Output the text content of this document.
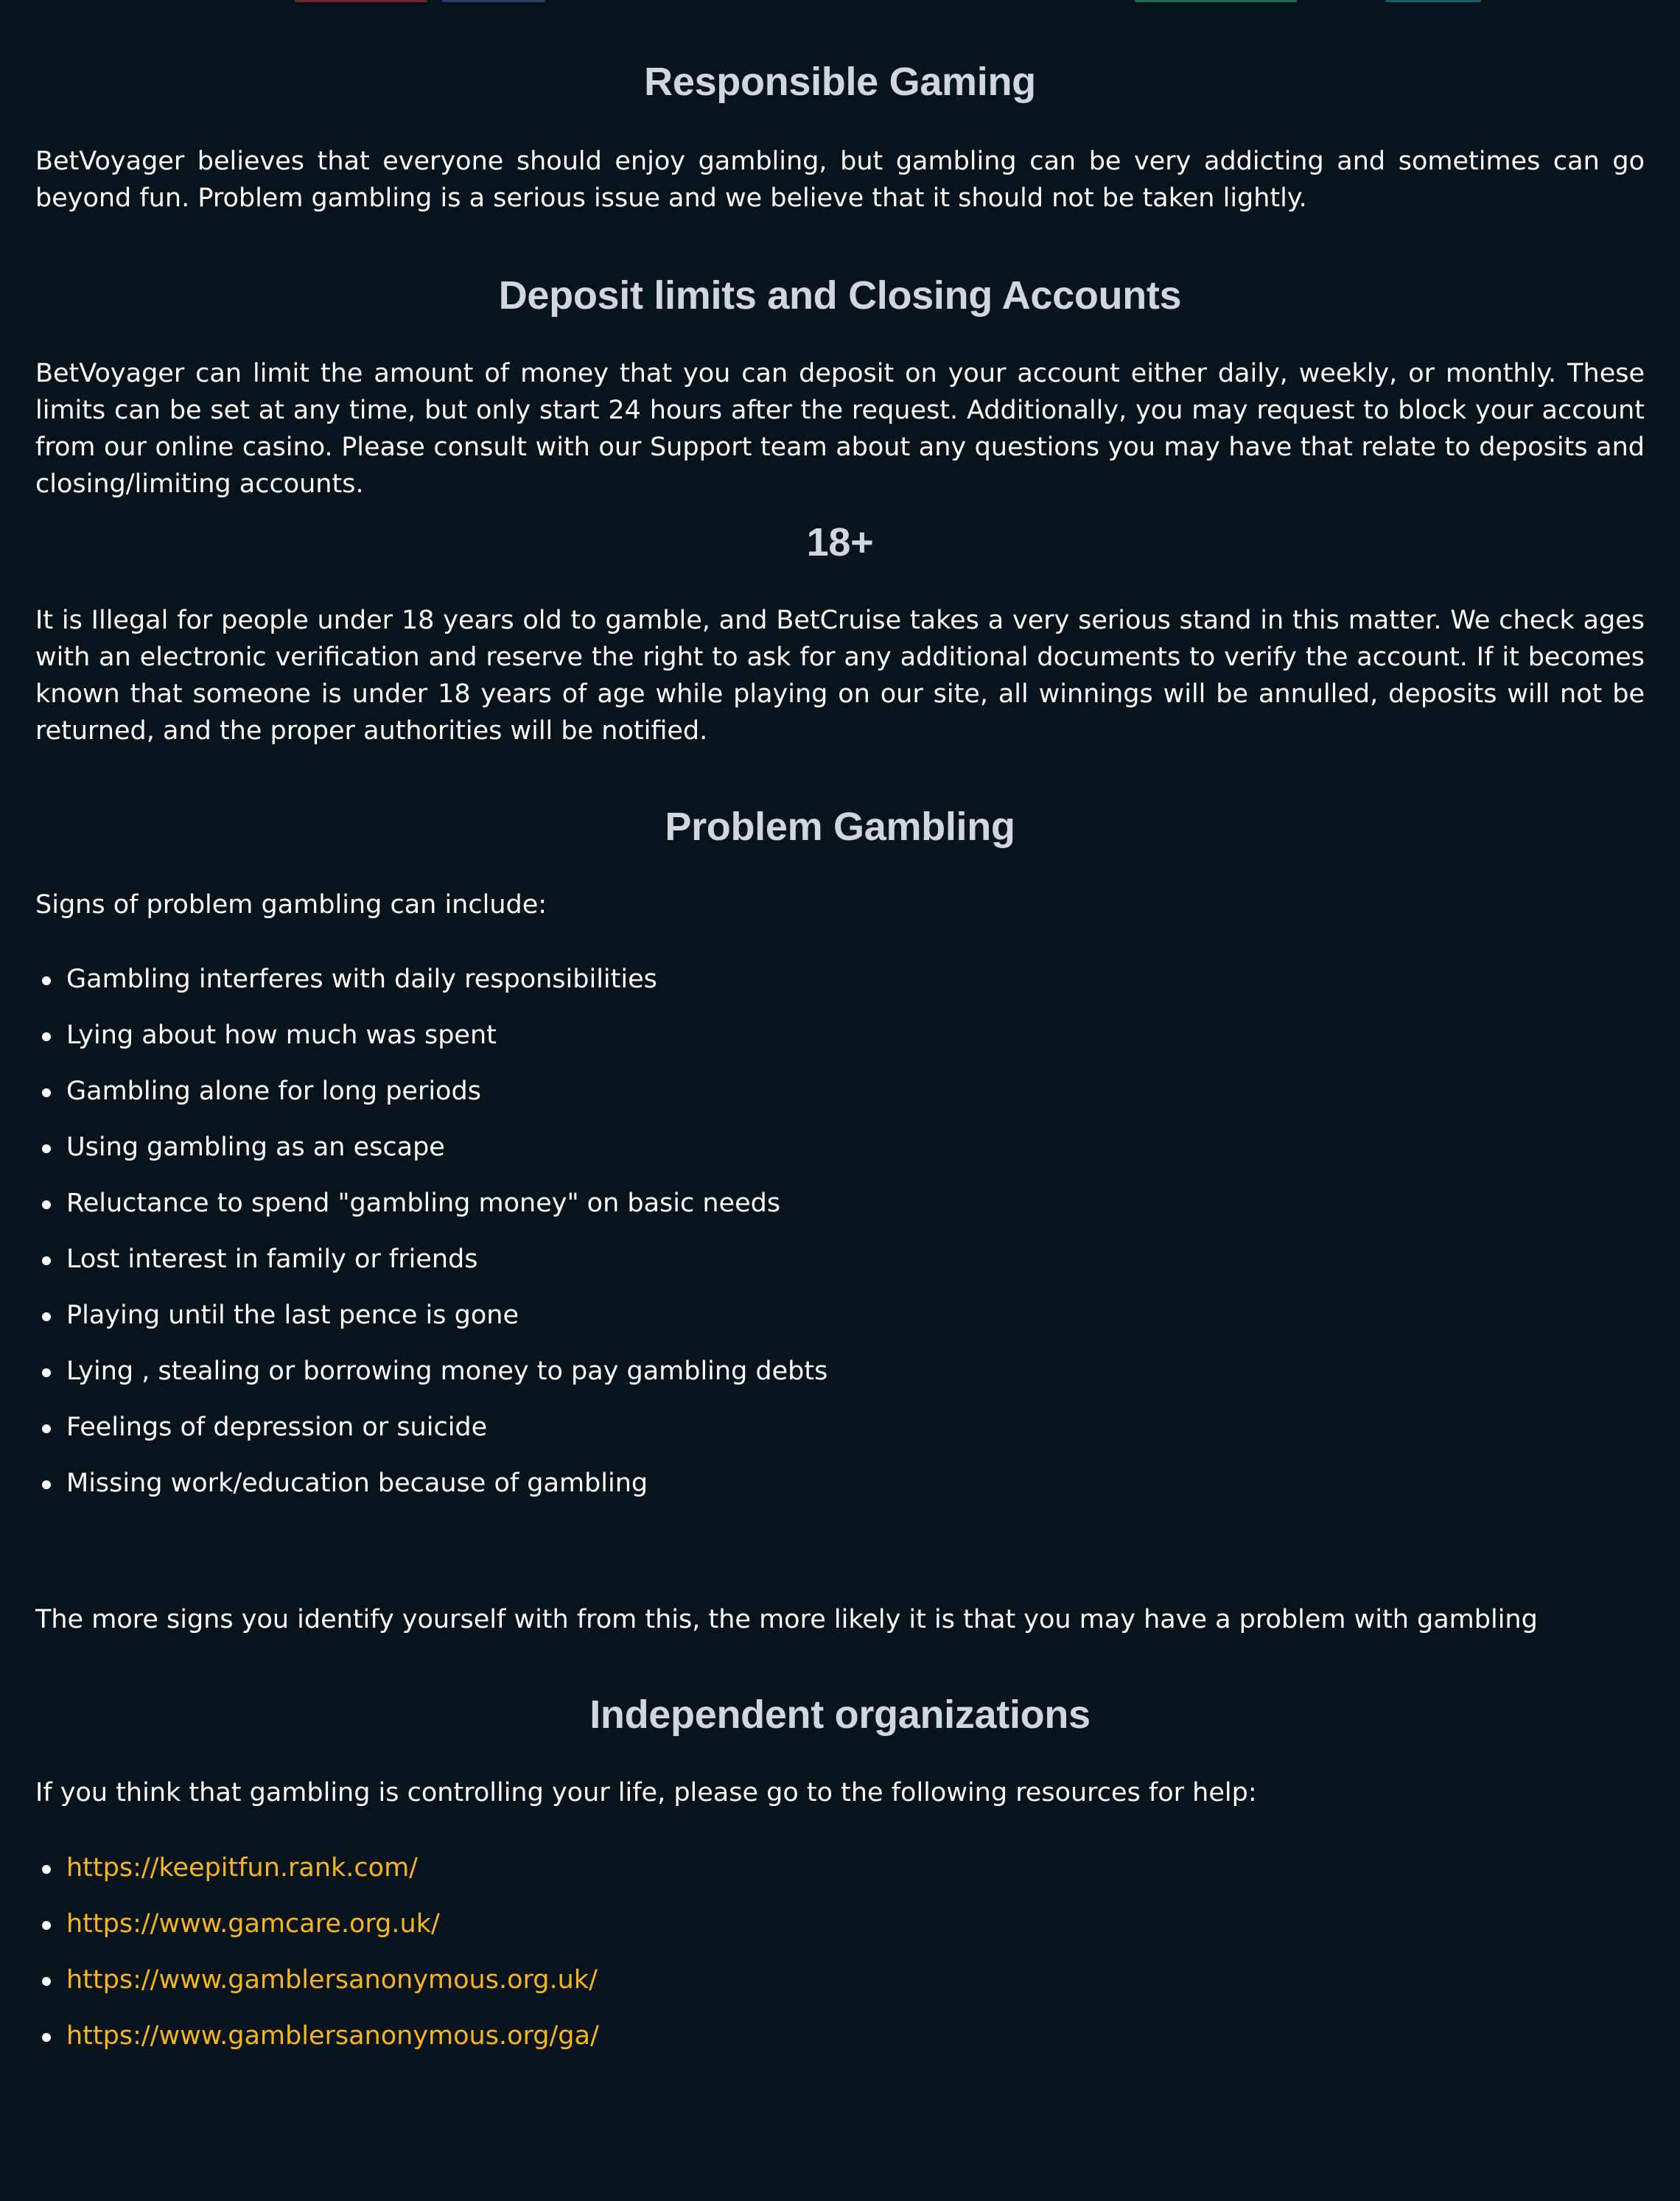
Responsible Gaming

BetVoyager believes that everyone should enjoy gambling, but gambling can be very addicting and sometimes can go beyond fun. Problem gambling is a serious issue and we believe that it should not be taken lightly.

Deposit limits and Closing Accounts

BetVoyager can limit the amount of money that you can deposit on your account either daily, weekly, or monthly. These limits can be set at any time, but only start 24 hours after the request. Additionally, you may request to block your account from our online casino. Please consult with our Support team about any questions you may have that relate to deposits and closing/limiting accounts.

18+

It is Illegal for people under 18 years old to gamble, and BetCruise takes a very serious stand in this matter. We check ages with an electronic verification and reserve the right to ask for any additional documents to verify the account. If it becomes known that someone is under 18 years of age while playing on our site, all winnings will be annulled, deposits will not be returned, and the proper authorities will be notified.

Problem Gambling

Signs of problem gambling can include:

Gambling interferes with daily responsibilities
Lying about how much was spent
Gambling alone for long periods
Using gambling as an escape
Reluctance to spend "gambling money" on basic needs
Lost interest in family or friends
Playing until the last pence is gone
Lying , stealing or borrowing money to pay gambling debts
Feelings of depression or suicide
Missing work/education because of gambling

The more signs you identify yourself with from this, the more likely it is that you may have a problem with gambling

Independent organizations

If you think that gambling is controlling your life, please go to the following resources for help:

https://keepitfun.rank.com/
https://www.gamcare.org.uk/
https://www.gamblersanonymous.org.uk/
https://www.gamblersanonymous.org/ga/
